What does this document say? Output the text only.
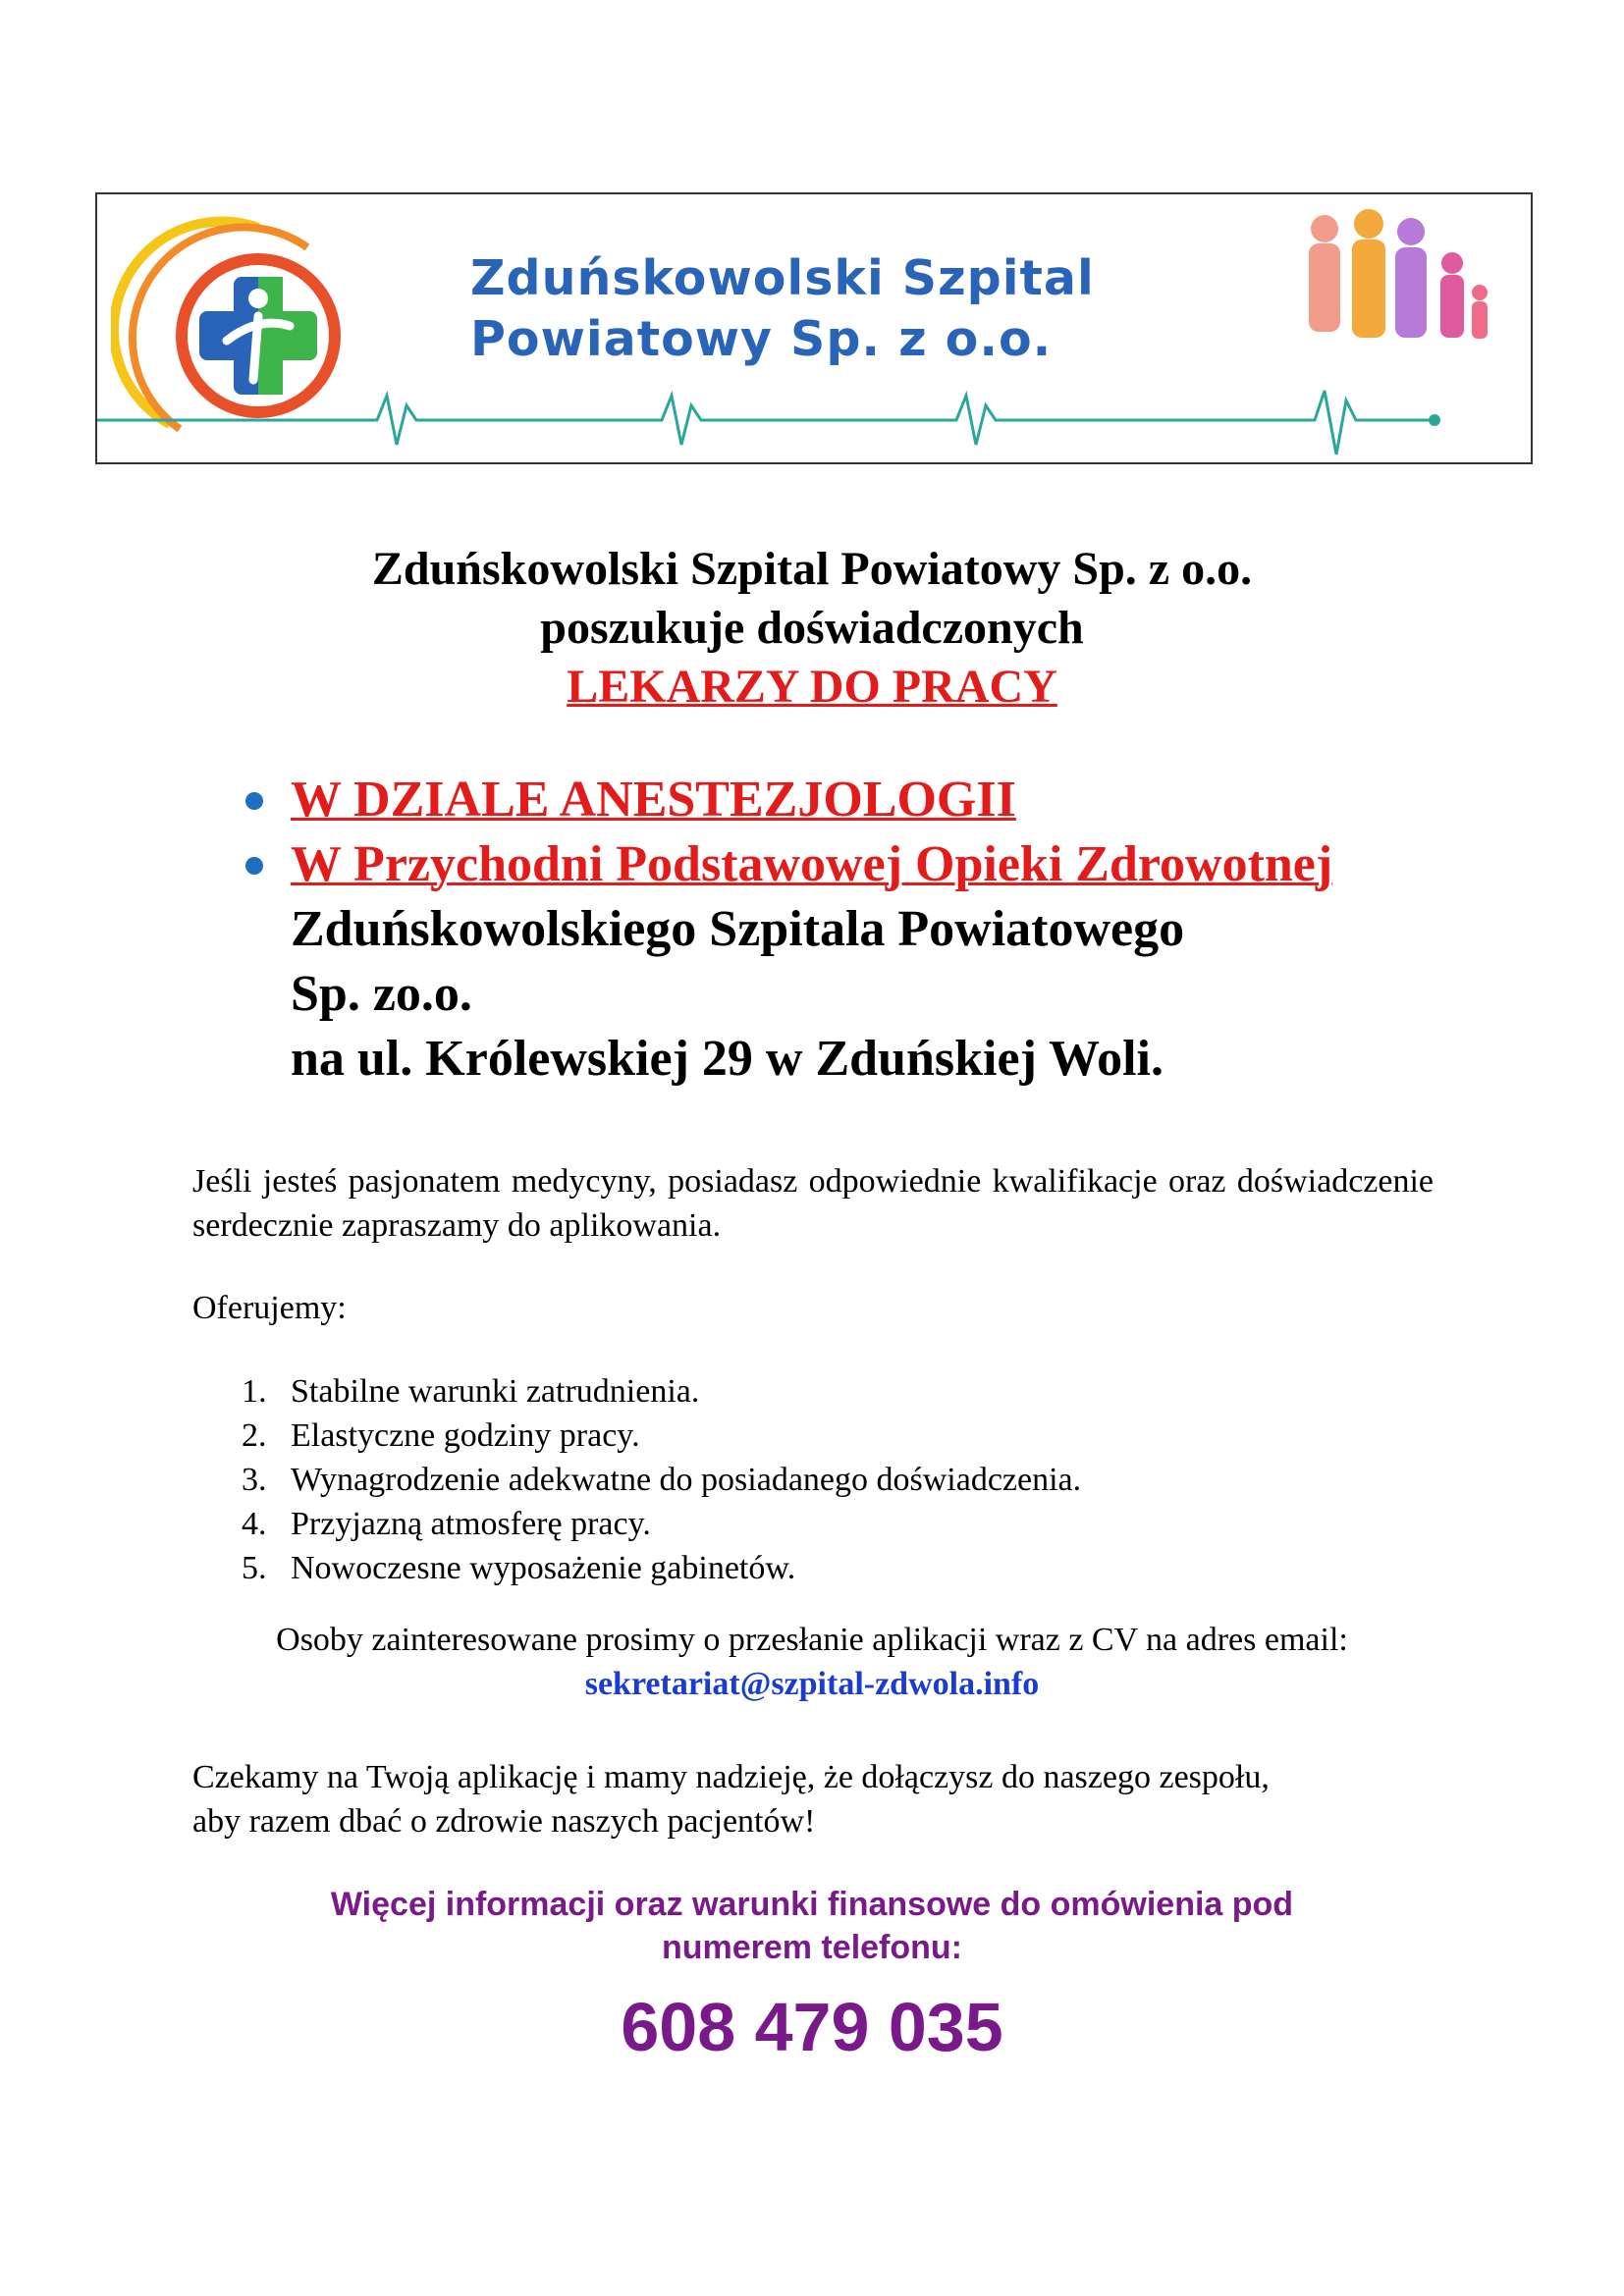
Zduńskowolski Szpital
Powiatowy Sp. z o.o.
Zduńskowolski Szpital Powiatowy Sp. z o.o.
poszukuje doświadczonych
LEKARZY DO PRACY
W DZIALE ANESTEZJOLOGII
W Przychodni Podstawowej Opieki Zdrowotnej
Zduńskowolskiego Szpitala Powiatowego
Sp. zo.o.
na ul. Królewskiej 29 w Zduńskiej Woli.
Jeśli jesteś pasjonatem medycyny, posiadasz odpowiednie kwalifikacje oraz doświadczenie serdecznie zapraszamy do aplikowania.
Oferujemy:
1. Stabilne warunki zatrudnienia.
2. Elastyczne godziny pracy.
3. Wynagrodzenie adekwatne do posiadanego doświadczenia.
4. Przyjazną atmosferę pracy.
5. Nowoczesne wyposażenie gabinetów.
Osoby zainteresowane prosimy o przesłanie aplikacji wraz z CV na adres email:
sekretariat@szpital-zdwola.info
Czekamy na Twoją aplikację i mamy nadzieję, że dołączysz do naszego zespołu,
aby razem dbać o zdrowie naszych pacjentów!
Więcej informacji oraz warunki finansowe do omówienia pod
numerem telefonu:
608 479 035
